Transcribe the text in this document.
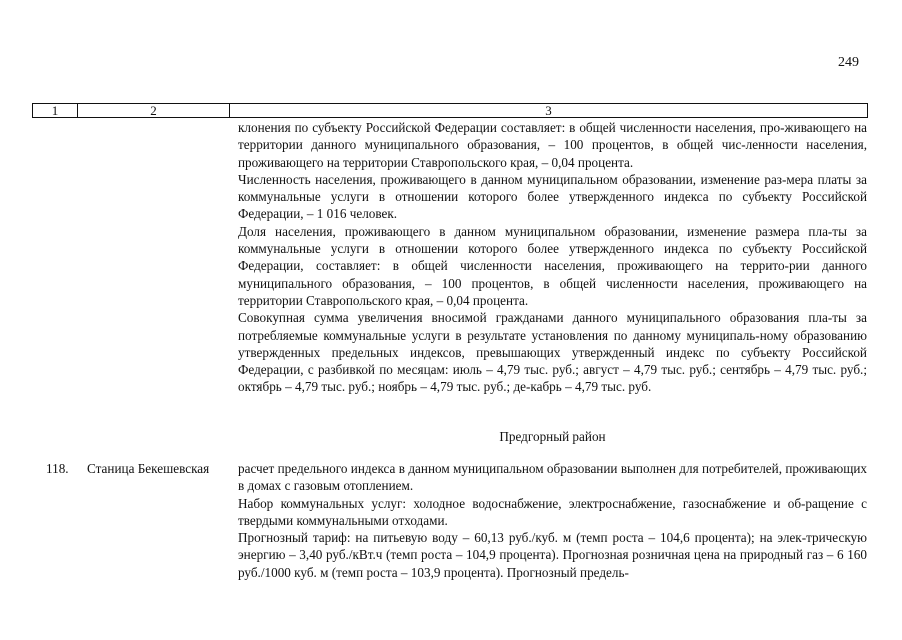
249
1	2	3

клонения по субъекту Российской Федерации составляет: в общей численности населения, про-живающего на территории данного муниципального образования, – 100 процентов, в общей чис-ленности населения, проживающего на территории Ставропольского края, – 0,04 процента.

Численность населения, проживающего в данном муниципальном образовании, изменение раз-мера платы за коммунальные услуги в отношении которого более утвержденного индекса по субъекту Российской Федерации, – 1 016 человек.

Доля населения, проживающего в данном муниципальном образовании, изменение размера пла-ты за коммунальные услуги в отношении которого более утвержденного индекса по субъекту Российской Федерации, составляет: в общей численности населения, проживающего на террито-рии данного муниципального образования, – 100 процентов, в общей численности населения, проживающего на территории Ставропольского края, – 0,04 процента.

Совокупная сумма увеличения вносимой гражданами данного муниципального образования пла-ты за потребляемые коммунальные услуги в результате установления по данному муниципаль-ному образованию утвержденных предельных индексов, превышающих утвержденный индекс по субъекту Российской Федерации, с разбивкой по месяцам: июль – 4,79 тыс. руб.; август – 4,79 тыс. руб.; сентябрь – 4,79 тыс. руб.; октябрь – 4,79 тыс. руб.; ноябрь – 4,79 тыс. руб.; де-кабрь – 4,79 тыс. руб.

Предгорный район
118. Станица Бекешевская расчет предельного индекса в данном муниципальном образовании выполнен для потребителей, проживающих в домах с газовым отоплением.

Набор коммунальных услуг: холодное водоснабжение, электроснабжение, газоснабжение и об-ращение с твердыми коммунальными отходами.

Прогнозный тариф: на питьевую воду – 60,13 руб./куб. м (темп роста – 104,6 процента); на элек-трическую энергию – 3,40 руб./кВт.ч (темп роста – 104,9 процента). Прогнозная розничная цена на природный газ – 6 160 руб./1000 куб. м (темп роста – 103,9 процента). Прогнозный предель-
